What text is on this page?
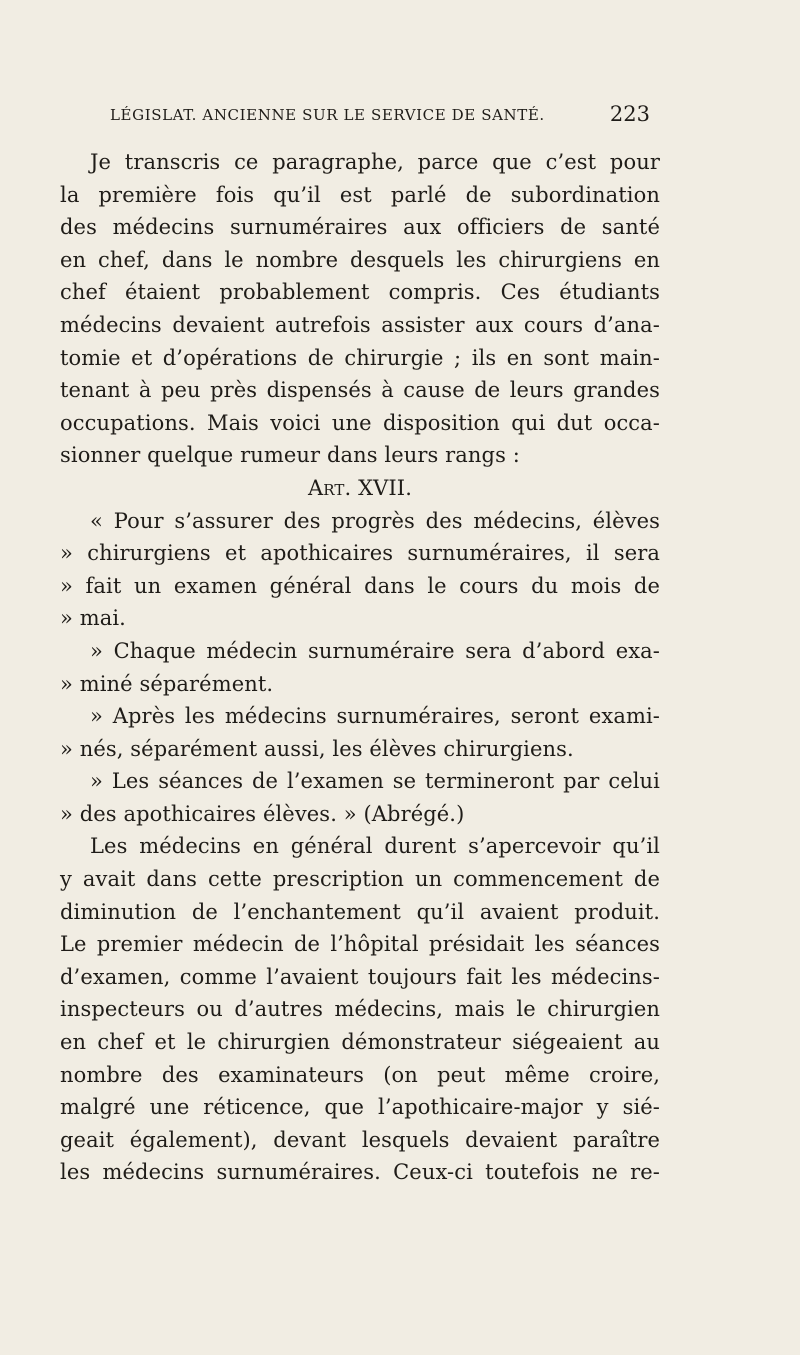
LÉGISLAT. ANCIENNE SUR LE SERVICE DE SANTÉ.	223
Je transcris ce paragraphe, parce que c’est pour
la première fois qu’il est parlé de subordination
des médecins surnuméraires aux officiers de santé
en chef, dans le nombre desquels les chirurgiens en
chef étaient probablement compris. Ces étudiants
médecins devaient autrefois assister aux cours d’ana-
tomie et d’opérations de chirurgie ; ils en sont main-
tenant à peu près dispensés à cause de leurs grandes
occupations. Mais voici une disposition qui dut occa-
sionner quelque rumeur dans leurs rangs :
Art. XVII.
« Pour s’assurer des progrès des médecins, élèves
» chirurgiens et apothicaires surnuméraires, il sera
» fait un examen général dans le cours du mois de
» mai.
» Chaque médecin surnuméraire sera d’abord exa-
» miné séparément.
» Après les médecins surnuméraires, seront exami-
» nés, séparément aussi, les élèves chirurgiens.
» Les séances de l’examen se termineront par celui
» des apothicaires élèves. » (Abrégé.)
Les médecins en général durent s’apercevoir qu’il
y avait dans cette prescription un commencement de
diminution de l’enchantement qu’il avaient produit.
Le premier médecin de l’hôpital présidait les séances
d’examen, comme l’avaient toujours fait les médecins-
inspecteurs ou d’autres médecins, mais le chirurgien
en chef et le chirurgien démonstrateur siégeaient au
nombre des examinateurs (on peut même croire,
malgré une réticence, que l’apothicaire-major y sié-
geait également), devant lesquels devaient paraître
les médecins surnuméraires. Ceux-ci toutefois ne re-
